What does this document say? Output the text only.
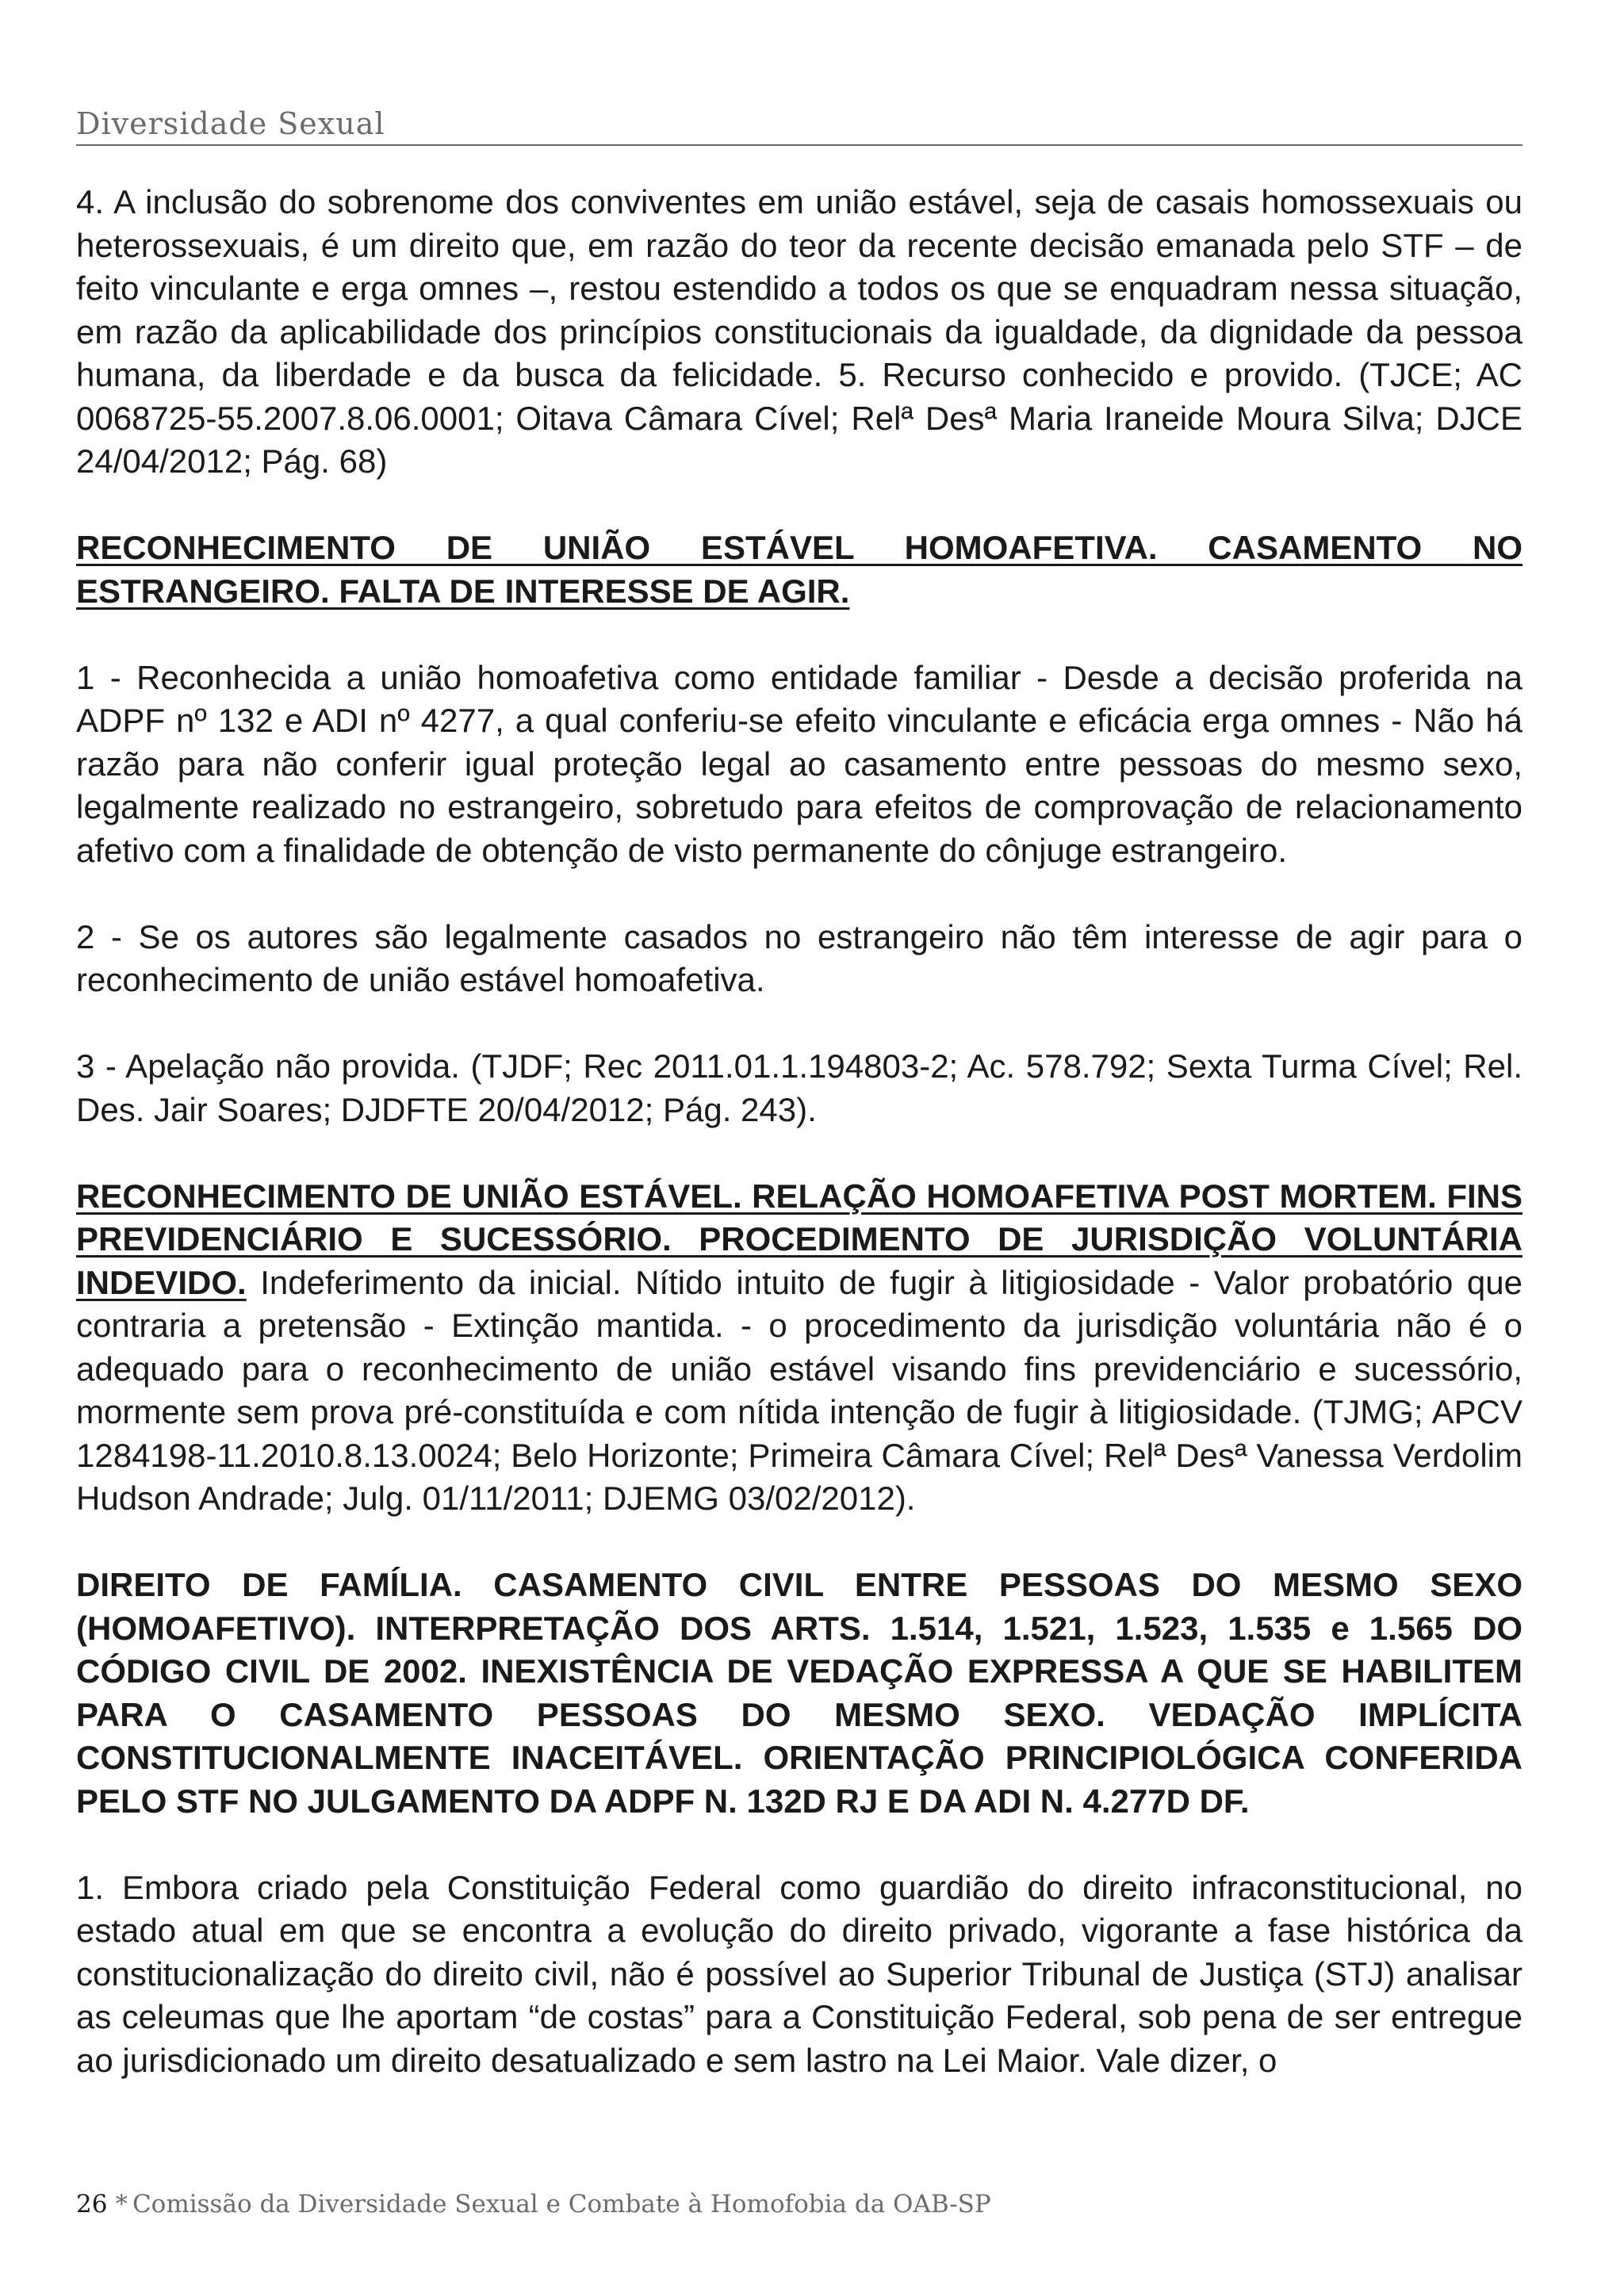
Diversidade Sexual

4. A inclusão do sobrenome dos conviventes em união estável, seja de casais homossexuais ou heterossexuais, é um direito que, em razão do teor da recente decisão emanada pelo STF – de feito vinculante e erga omnes –, restou estendido a todos os que se enquadram nessa situação, em razão da aplicabilidade dos princípios constitucionais da igualdade, da dignidade da pessoa humana, da liberdade e da busca da felicidade. 5. Recurso conhecido e provido. (TJCE; AC 0068725-55.2007.8.06.0001; Oitava Câmara Cível; Relª Desª Maria Iraneide Moura Silva; DJCE 24/04/2012; Pág. 68)

RECONHECIMENTO DE UNIÃO ESTÁVEL HOMOAFETIVA. CASAMENTO NO ESTRANGEIRO. FALTA DE INTERESSE DE AGIR.

1 - Reconhecida a união homoafetiva como entidade familiar - Desde a decisão proferida na ADPF nº 132 e ADI nº 4277, a qual conferiu-se efeito vinculante e eficácia erga omnes - Não há razão para não conferir igual proteção legal ao casamento entre pessoas do mesmo sexo, legalmente realizado no estrangeiro, sobretudo para efeitos de comprovação de relacionamento afetivo com a finalidade de obtenção de visto permanente do cônjuge estrangeiro.

2 - Se os autores são legalmente casados no estrangeiro não têm interesse de agir para o reconhecimento de união estável homoafetiva.

3 - Apelação não provida. (TJDF; Rec 2011.01.1.194803-2; Ac. 578.792; Sexta Turma Cível; Rel. Des. Jair Soares; DJDFTE 20/04/2012; Pág. 243).

RECONHECIMENTO DE UNIÃO ESTÁVEL. RELAÇÃO HOMOAFETIVA POST MORTEM. FINS PREVIDENCIÁRIO E SUCESSÓRIO. PROCEDIMENTO DE JURISDIÇÃO VOLUNTÁRIA INDEVIDO. Indeferimento da inicial. Nítido intuito de fugir à litigiosidade - Valor probatório que contraria a pretensão - Extinção mantida. - o procedimento da jurisdição voluntária não é o adequado para o reconhecimento de união estável visando fins previdenciário e sucessório, mormente sem prova pré-constituída e com nítida intenção de fugir à litigiosidade. (TJMG; APCV 1284198-11.2010.8.13.0024; Belo Horizonte; Primeira Câmara Cível; Relª Desª Vanessa Verdolim Hudson Andrade; Julg. 01/11/2011; DJEMG 03/02/2012).

DIREITO DE FAMÍLIA. CASAMENTO CIVIL ENTRE PESSOAS DO MESMO SEXO (HOMOAFETIVO). INTERPRETAÇÃO DOS ARTS. 1.514, 1.521, 1.523, 1.535 e 1.565 DO CÓDIGO CIVIL DE 2002. INEXISTÊNCIA DE VEDAÇÃO EXPRESSA A QUE SE HABILITEM PARA O CASAMENTO PESSOAS DO MESMO SEXO. VEDAÇÃO IMPLÍCITA CONSTITUCIONALMENTE INACEITÁVEL. ORIENTAÇÃO PRINCIPIOLÓGICA CONFERIDA PELO STF NO JULGAMENTO DA ADPF N. 132D RJ E DA ADI N. 4.277D DF.

1. Embora criado pela Constituição Federal como guardião do direito infraconstitucional, no estado atual em que se encontra a evolução do direito privado, vigorante a fase histórica da constitucionalização do direito civil, não é possível ao Superior Tribunal de Justiça (STJ) analisar as celeumas que lhe aportam “de costas” para a Constituição Federal, sob pena de ser entregue ao jurisdicionado um direito desatualizado e sem lastro na Lei Maior. Vale dizer, o

26 * Comissão da Diversidade Sexual e Combate à Homofobia da OAB-SP
